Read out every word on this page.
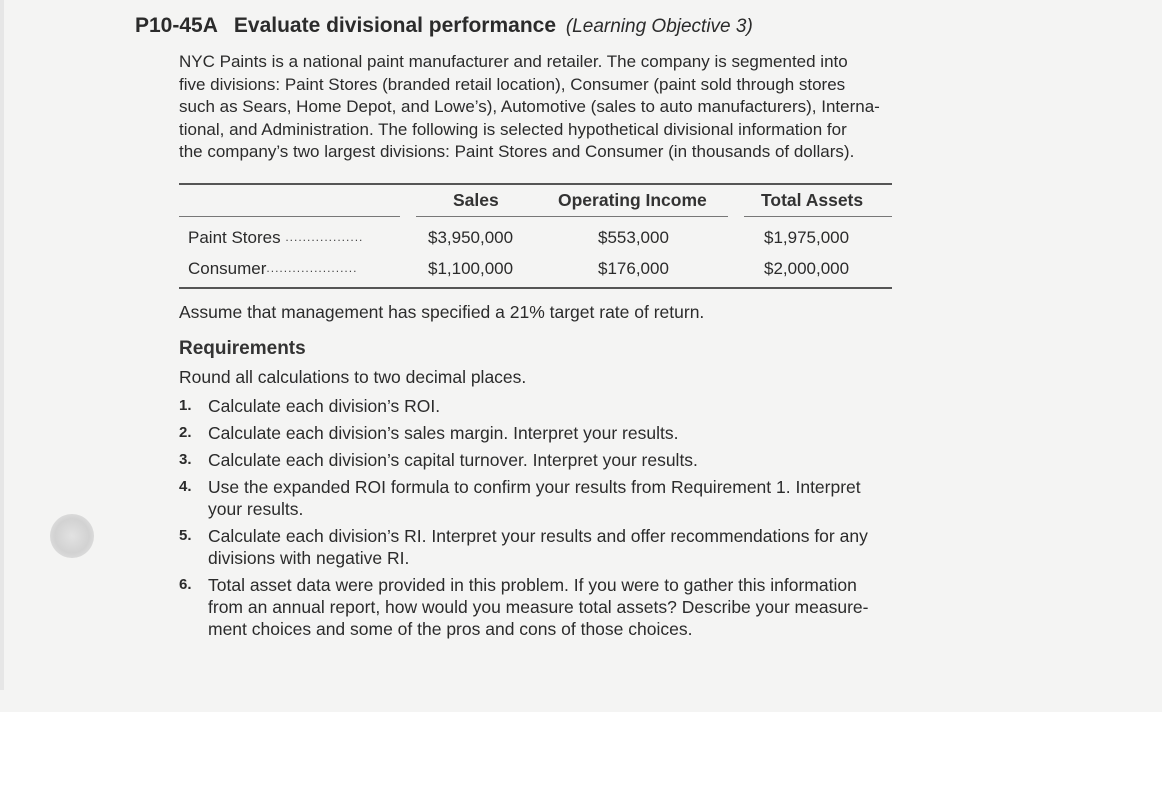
P10-45A Evaluate divisional performance (Learning Objective 3)
NYC Paints is a national paint manufacturer and retailer. The company is segmented into
five divisions: Paint Stores (branded retail location), Consumer (paint sold through stores
such as Sears, Home Depot, and Lowe’s), Automotive (sales to auto manufacturers), Interna-
tional, and Administration. The following is selected hypothetical divisional information for
the company’s two largest divisions: Paint Stores and Consumer (in thousands of dollars).
Sales	Operating Income	Total Assets
Paint Stores ..................	$3,950,000	$553,000	$1,975,000
Consumer.....................	$1,100,000	$176,000	$2,000,000
Assume that management has specified a 21% target rate of return.
Requirements
Round all calculations to two decimal places.
1. Calculate each division’s ROI.
2. Calculate each division’s sales margin. Interpret your results.
3. Calculate each division’s capital turnover. Interpret your results.
4. Use the expanded ROI formula to confirm your results from Requirement 1. Interpret
your results.
5. Calculate each division’s RI. Interpret your results and offer recommendations for any
divisions with negative RI.
6. Total asset data were provided in this problem. If you were to gather this information
from an annual report, how would you measure total assets? Describe your measure-
ment choices and some of the pros and cons of those choices.
